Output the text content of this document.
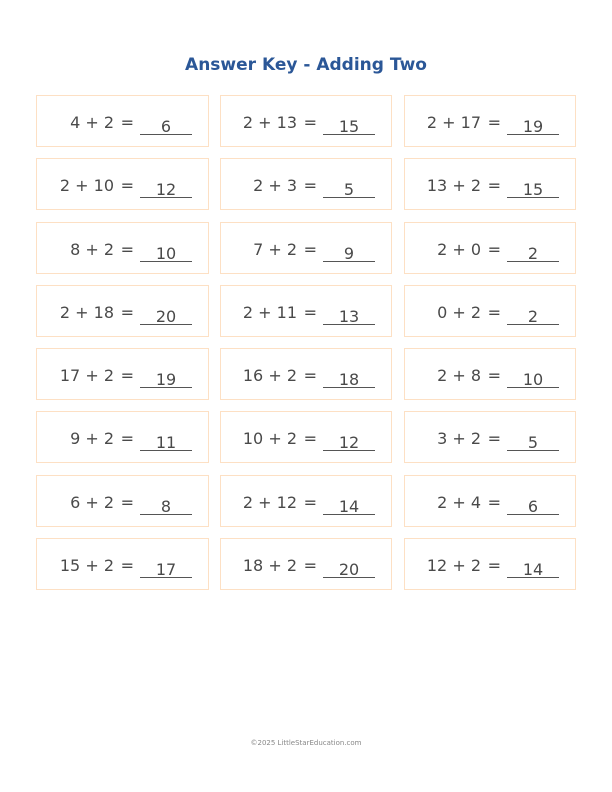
Answer Key - Adding Two
4 + 2 =	6	2 + 13 =	15	2 + 17 =	19
2 + 10 =	12	2 + 3 =	5	13 + 2 =	15
8 + 2 =	10	7 + 2 =	9	2 + 0 =	2
2 + 18 =	20	2 + 11 =	13	0 + 2 =	2
17 + 2 =	19	16 + 2 =	18	2 + 8 =	10
9 + 2 =	11	10 + 2 =	12	3 + 2 =	5
6 + 2 =	8	2 + 12 =	14	2 + 4 =	6
15 + 2 =	17	18 + 2 =	20	12 + 2 =	14
©2025 LittleStarEducation.com
